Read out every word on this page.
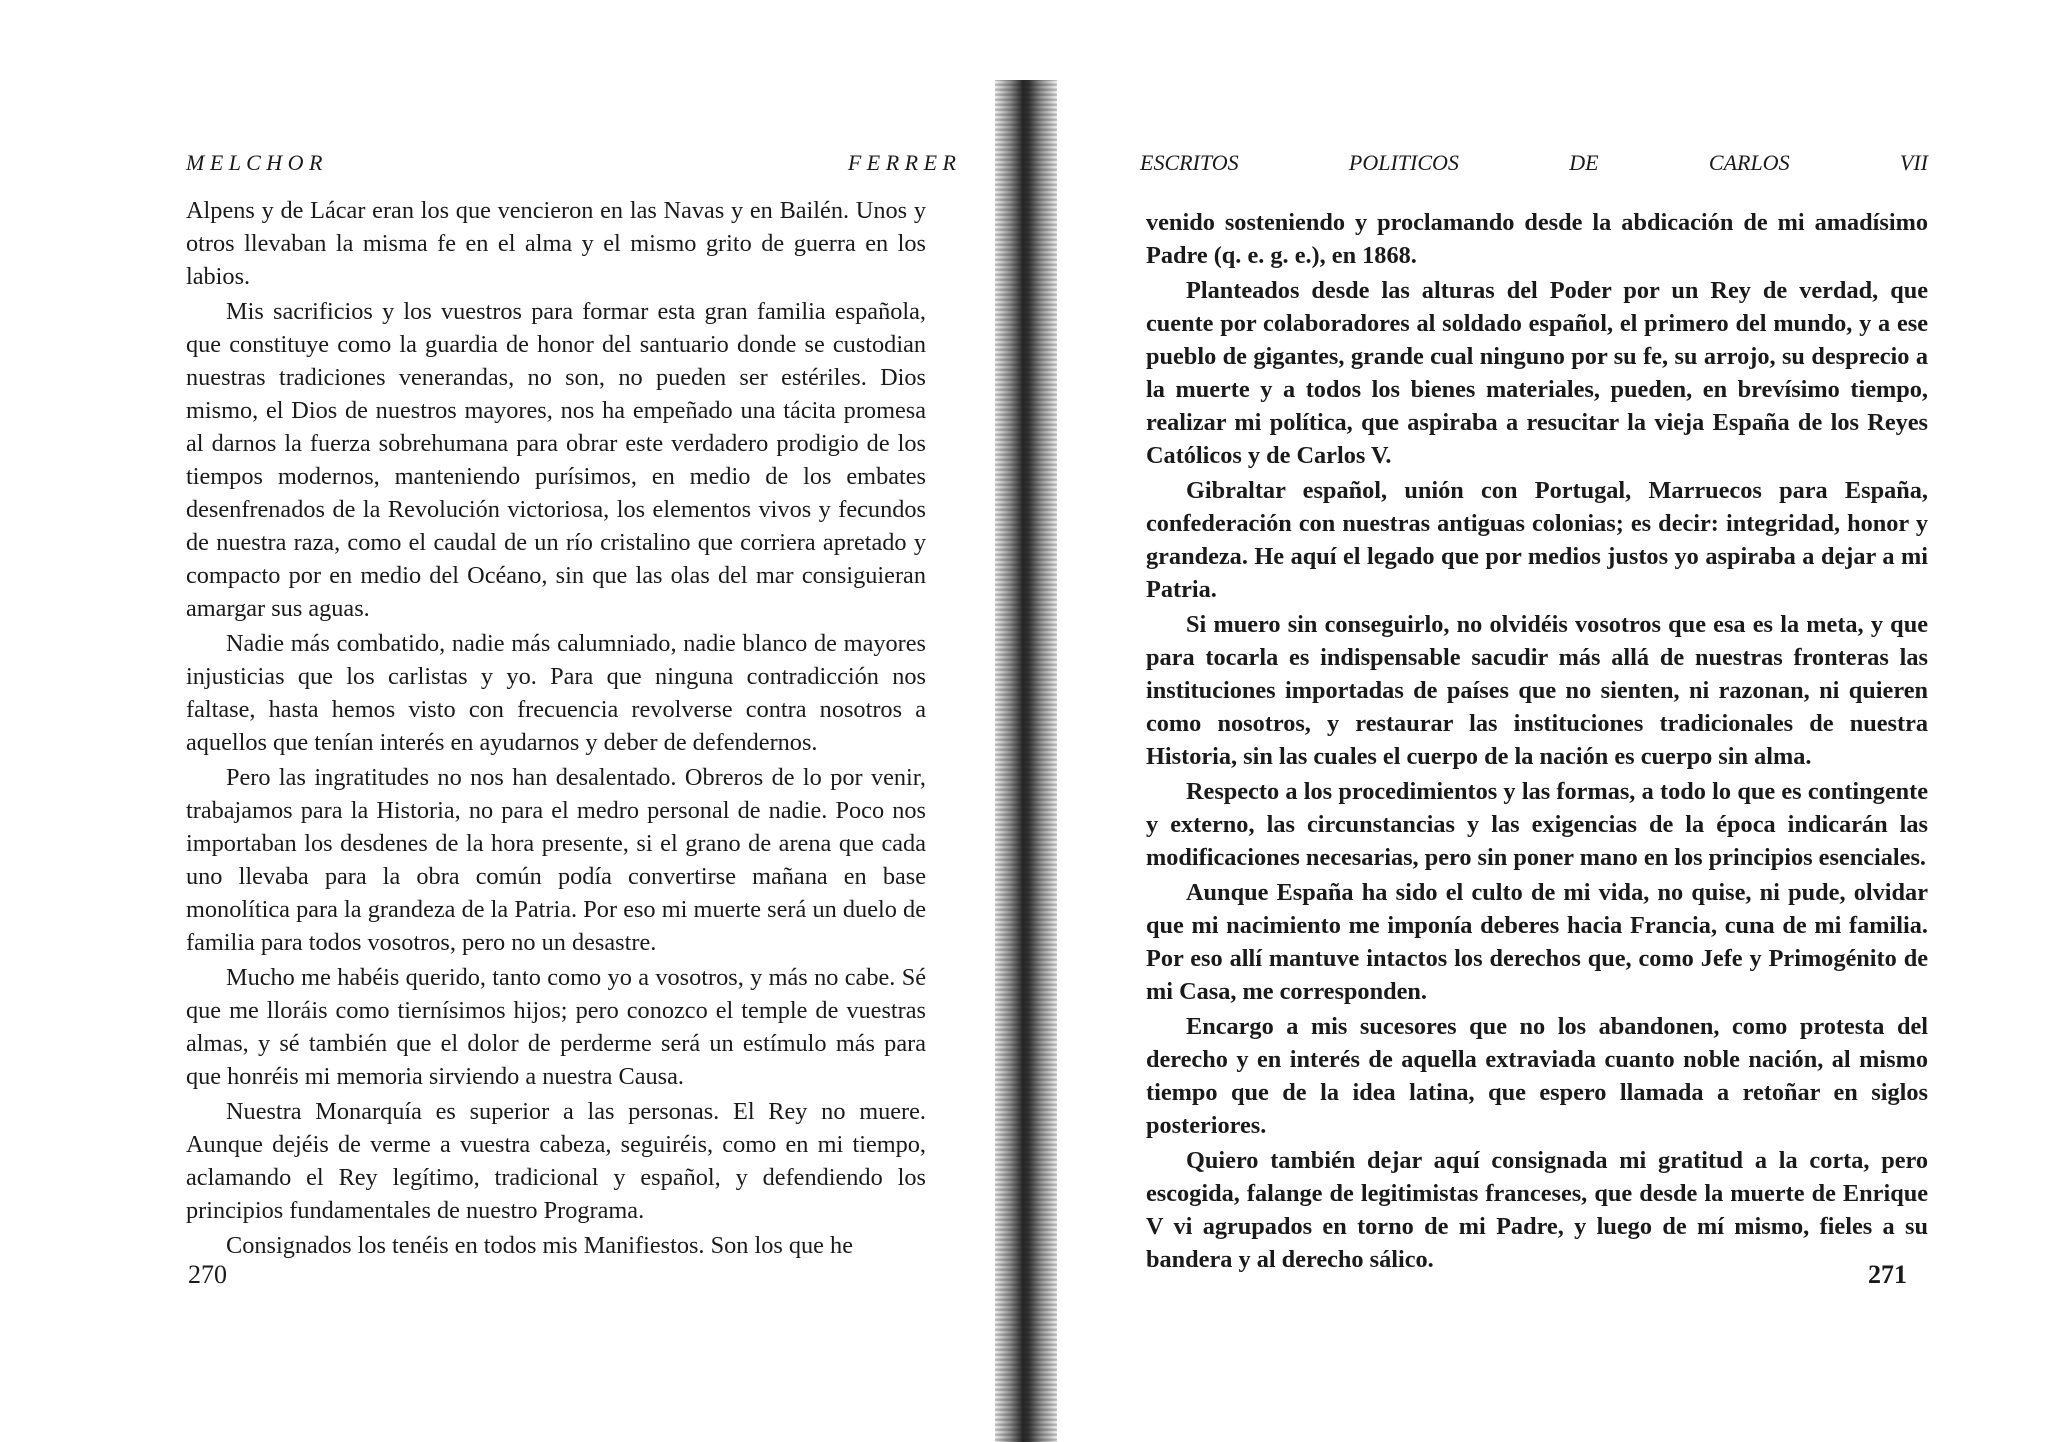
M E L C H O R	F E R R E R

Alpens y de Lácar eran los que vencieron en las Navas y en Bailén. Unos y otros llevaban la misma fe en el alma y el mismo grito de guerra en los labios.

Mis sacrificios y los vuestros para formar esta gran familia española, que constituye como la guardia de honor del santuario donde se custodian nuestras tradiciones venerandas, no son, no pueden ser estériles. Dios mismo, el Dios de nuestros mayores, nos ha empeñado una tácita promesa al darnos la fuerza sobrehumana para obrar este verdadero prodigio de los tiempos modernos, manteniendo purísimos, en medio de los embates desenfrenados de la Revolución victoriosa, los elementos vivos y fecundos de nuestra raza, como el caudal de un río cristalino que corriera apretado y compacto por en medio del Océano, sin que las olas del mar consiguieran amargar sus aguas.

Nadie más combatido, nadie más calumniado, nadie blanco de mayores injusticias que los carlistas y yo. Para que ninguna contradicción nos faltase, hasta hemos visto con frecuencia revolverse contra nosotros a aquellos que tenían interés en ayudarnos y deber de defendernos.

Pero las ingratitudes no nos han desalentado. Obreros de lo por venir, trabajamos para la Historia, no para el medro personal de nadie. Poco nos importaban los desdenes de la hora presente, si el grano de arena que cada uno llevaba para la obra común podía convertirse mañana en base monolítica para la grandeza de la Patria. Por eso mi muerte será un duelo de familia para todos vosotros, pero no un desastre.

Mucho me habéis querido, tanto como yo a vosotros, y más no cabe. Sé que me lloráis como tiernísimos hijos; pero conozco el temple de vuestras almas, y sé también que el dolor de perderme será un estímulo más para que honréis mi memoria sirviendo a nuestra Causa.

Nuestra Monarquía es superior a las personas. El Rey no muere. Aunque dejéis de verme a vuestra cabeza, seguiréis, como en mi tiempo, aclamando el Rey legítimo, tradicional y español, y defendiendo los principios fundamentales de nuestro Programa.

Consignados los tenéis en todos mis Manifiestos. Son los que he

270
ESCRITOS	POLITICOS	DE	CARLOS	VII

venido sosteniendo y proclamando desde la abdicación de mi amadísimo Padre (q. e. g. e.), en 1868.

Planteados desde las alturas del Poder por un Rey de verdad, que cuente por colaboradores al soldado español, el primero del mundo, y a ese pueblo de gigantes, grande cual ninguno por su fe, su arrojo, su desprecio a la muerte y a todos los bienes materiales, pueden, en brevísimo tiempo, realizar mi política, que aspiraba a resucitar la vieja España de los Reyes Católicos y de Carlos V.

Gibraltar español, unión con Portugal, Marruecos para España, confederación con nuestras antiguas colonias; es decir: integridad, honor y grandeza. He aquí el legado que por medios justos yo aspiraba a dejar a mi Patria.

Si muero sin conseguirlo, no olvidéis vosotros que esa es la meta, y que para tocarla es indispensable sacudir más allá de nuestras fronteras las instituciones importadas de países que no sienten, ni razonan, ni quieren como nosotros, y restaurar las instituciones tradicionales de nuestra Historia, sin las cuales el cuerpo de la nación es cuerpo sin alma.

Respecto a los procedimientos y las formas, a todo lo que es contingente y externo, las circunstancias y las exigencias de la época indicarán las modificaciones necesarias, pero sin poner mano en los principios esenciales.

Aunque España ha sido el culto de mi vida, no quise, ni pude, olvidar que mi nacimiento me imponía deberes hacia Francia, cuna de mi familia. Por eso allí mantuve intactos los derechos que, como Jefe y Primogénito de mi Casa, me corresponden.

Encargo a mis sucesores que no los abandonen, como protesta del derecho y en interés de aquella extraviada cuanto noble nación, al mismo tiempo que de la idea latina, que espero llamada a retoñar en siglos posteriores.

Quiero también dejar aquí consignada mi gratitud a la corta, pero escogida, falange de legitimistas franceses, que desde la muerte de Enrique V vi agrupados en torno de mi Padre, y luego de mí mismo, fieles a su bandera y al derecho sálico.

271
